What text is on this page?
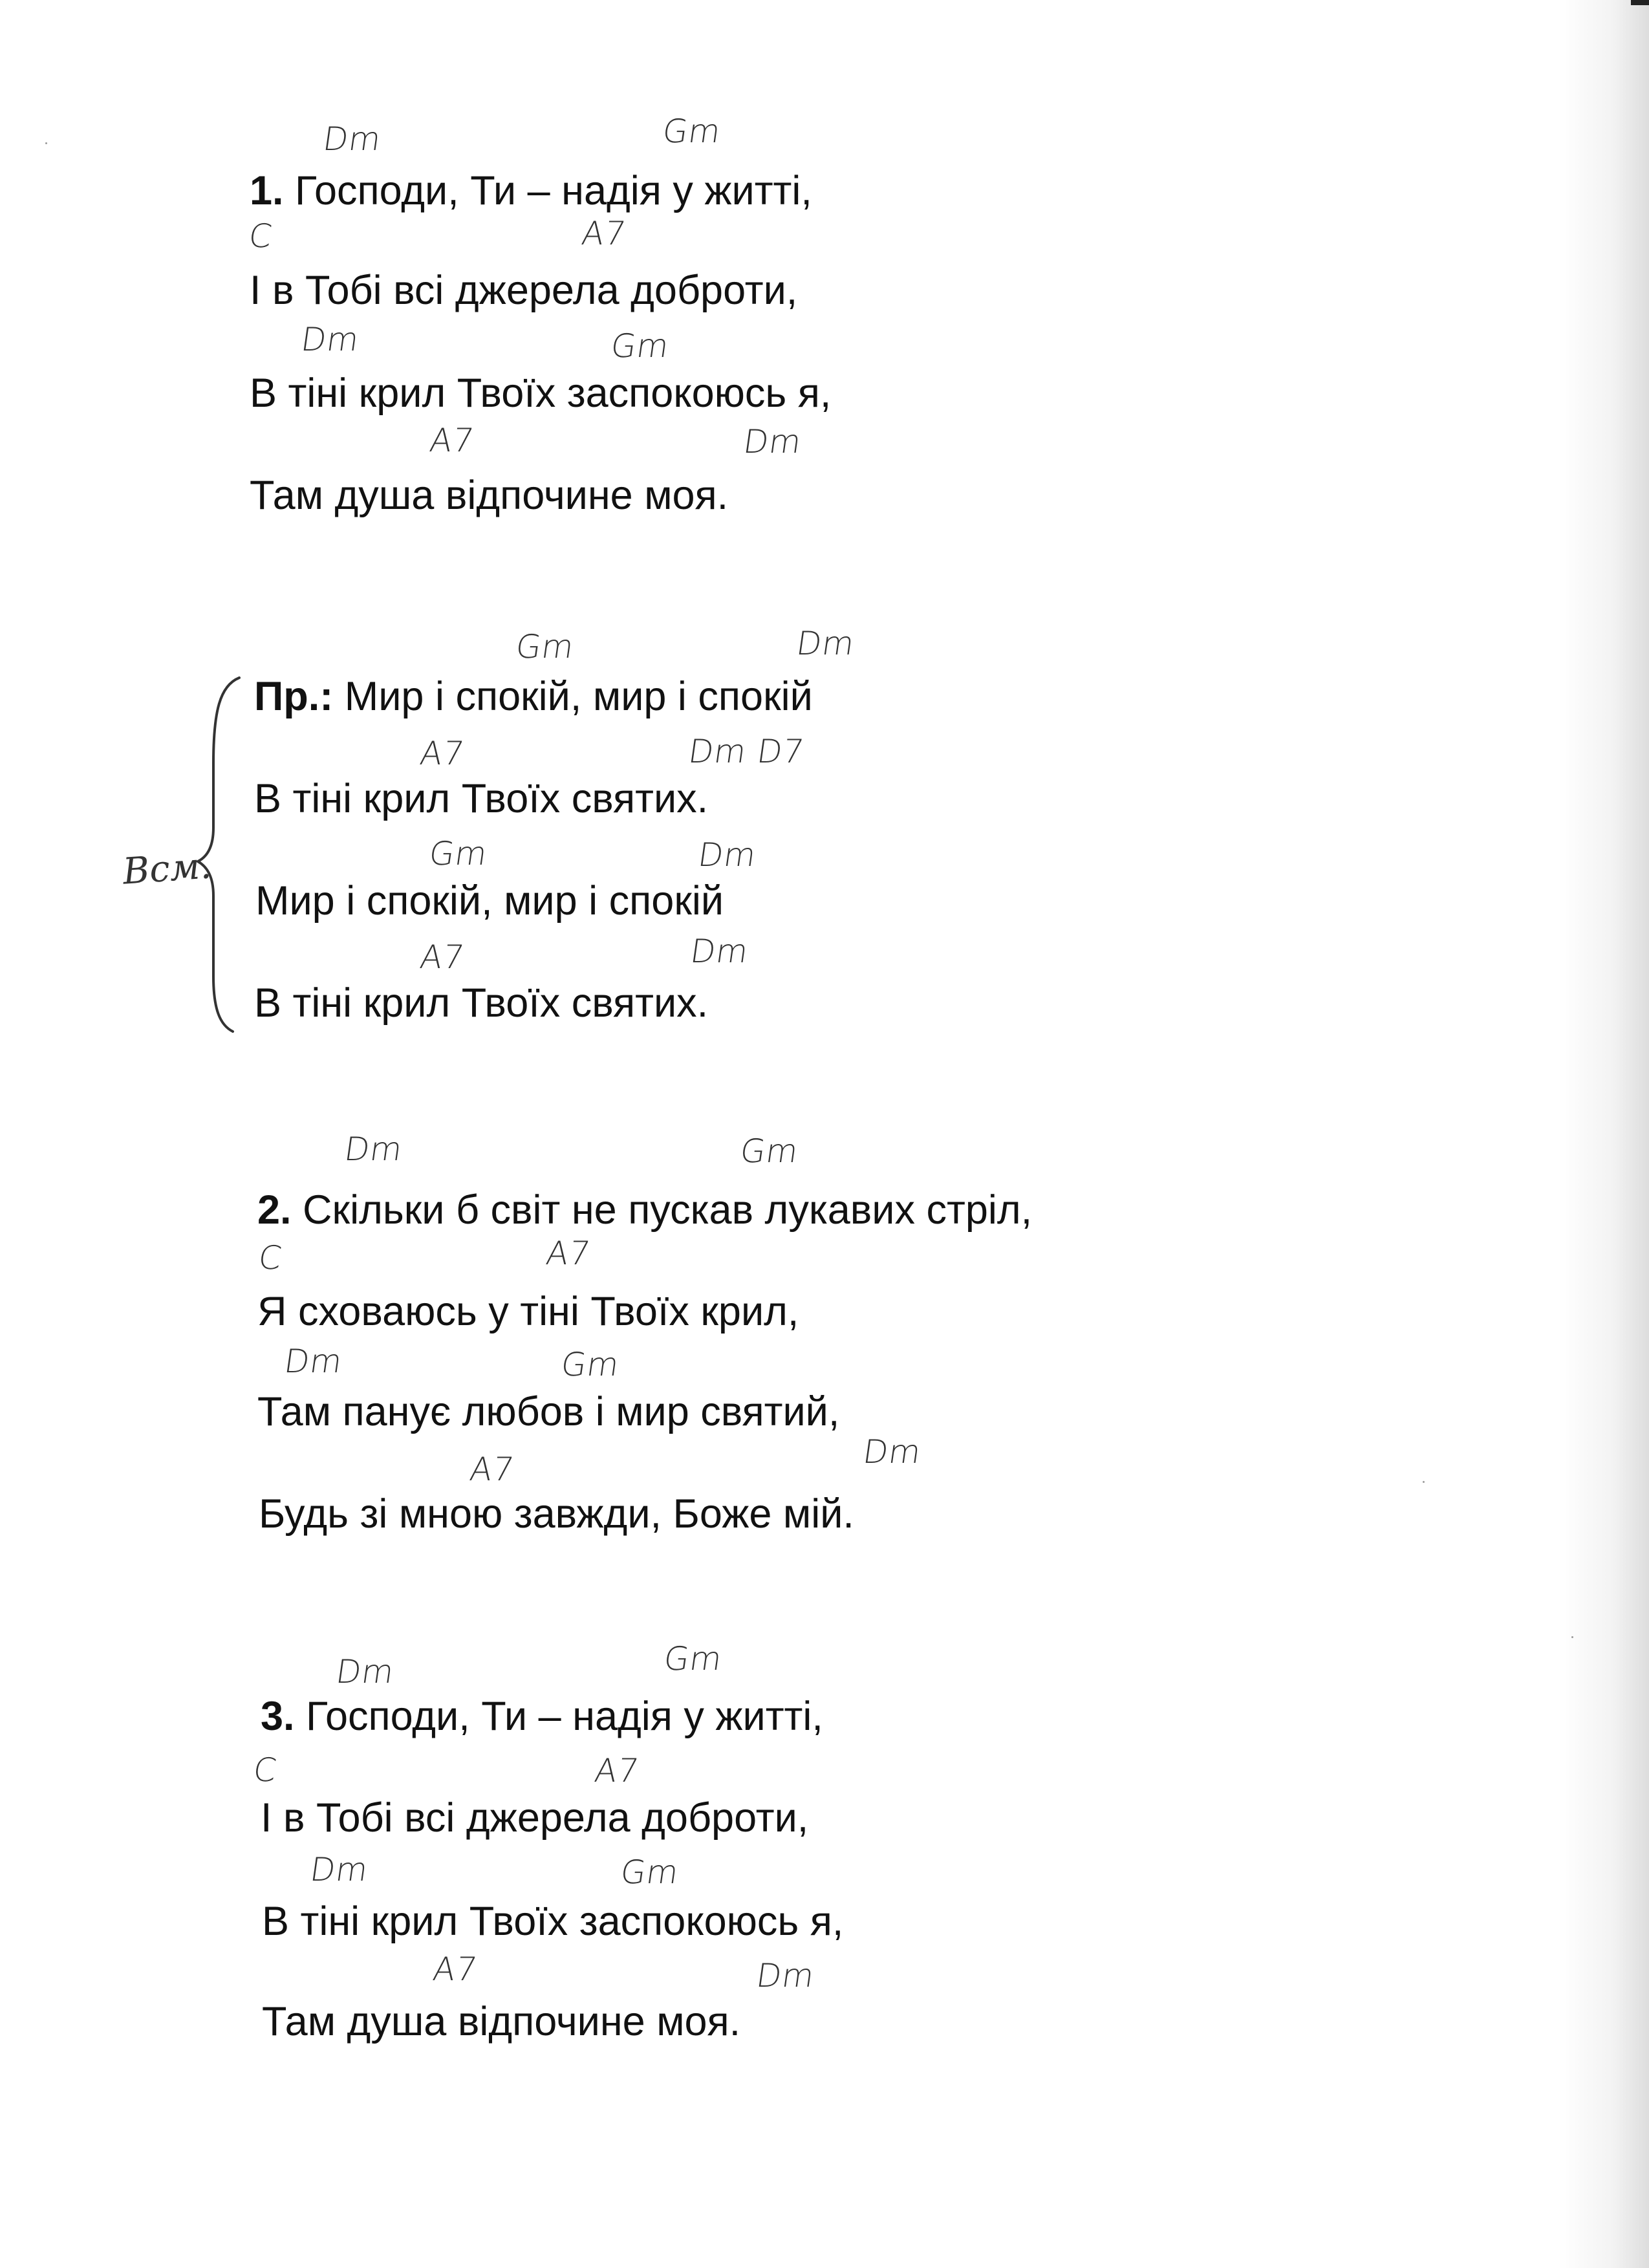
Dm	Gm
1. Господи, Ти – надія у житті,
C	A7
І в Тобі всі джерела доброти,
Dm	Gm
В тіні крил Твоїх заспокоюсь я,
A7	Dm
Там душа відпочине моя.
Всм.
Gm	Dm
Пр.: Мир і спокій, мир і спокій
A7	Dm D7
В тіні крил Твоїх святих.
Gm	Dm
Мир і спокій, мир і спокій
A7	Dm
В тіні крил Твоїх святих.
Dm	Gm
2. Скільки б світ не пускав лукавих стріл,
C	A7
Я сховаюсь у тіні Твоїх крил,
Dm	Gm
Там панує любов і мир святий,
A7	Dm
Будь зі мною завжди, Боже мій.
Dm	Gm
3. Господи, Ти – надія у житті,
C	A7
І в Тобі всі джерела доброти,
Dm	Gm
В тіні крил Твоїх заспокоюсь я,
A7	Dm
Там душа відпочине моя.
